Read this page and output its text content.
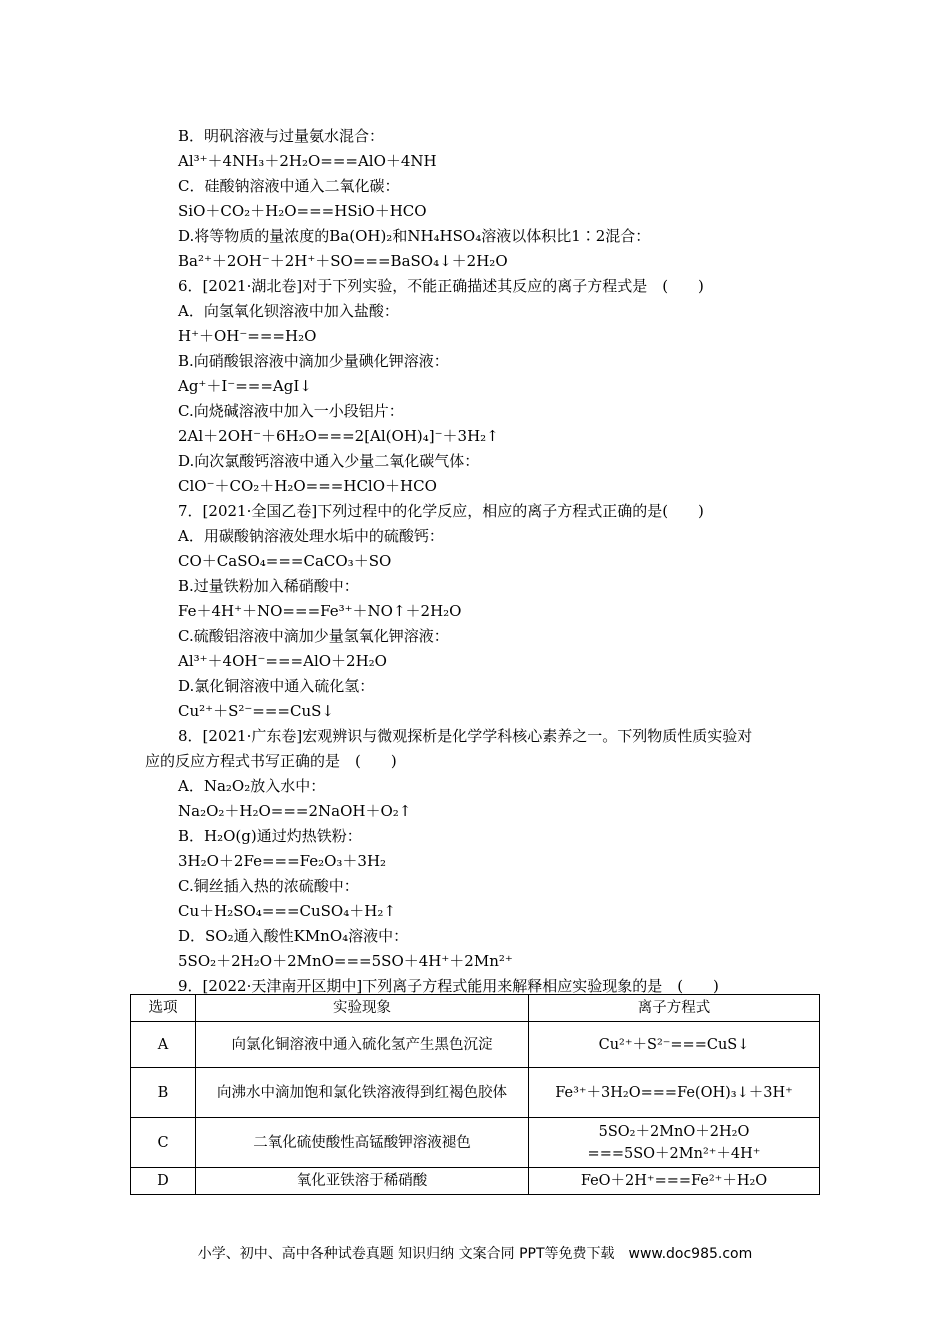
B．明矾溶液与过量氨水混合：
Al³⁺＋4NH₃＋2H₂O===AlO＋4NH
C．硅酸钠溶液中通入二氧化碳：
SiO＋CO₂＋H₂O===HSiO＋HCO
D.将等物质的量浓度的Ba(OH)₂和NH₄HSO₄溶液以体积比1∶2混合：
Ba²⁺＋2OH⁻＋2H⁺＋SO===BaSO₄↓＋2H₂O
6．[2021·湖北卷]对于下列实验，不能正确描述其反应的离子方程式是　(　　)
A．向氢氧化钡溶液中加入盐酸：
H⁺＋OH⁻===H₂O
B.向硝酸银溶液中滴加少量碘化钾溶液：
Ag⁺＋I⁻===AgI↓
C.向烧碱溶液中加入一小段铝片：
2Al＋2OH⁻＋6H₂O===2[Al(OH)₄]⁻＋3H₂↑
D.向次氯酸钙溶液中通入少量二氧化碳气体：
ClO⁻＋CO₂＋H₂O===HClO＋HCO
7．[2021·全国乙卷]下列过程中的化学反应，相应的离子方程式正确的是(　　)
A．用碳酸钠溶液处理水垢中的硫酸钙：
CO＋CaSO₄===CaCO₃＋SO
B.过量铁粉加入稀硝酸中：
Fe＋4H⁺＋NO===Fe³⁺＋NO↑＋2H₂O
C.硫酸铝溶液中滴加少量氢氧化钾溶液：
Al³⁺＋4OH⁻===AlO＋2H₂O
D.氯化铜溶液中通入硫化氢：
Cu²⁺＋S²⁻===CuS↓
8．[2021·广东卷]宏观辨识与微观探析是化学学科核心素养之一。下列物质性质实验对
应的反应方程式书写正确的是　(　　)
A．Na₂O₂放入水中：
Na₂O₂＋H₂O===2NaOH＋O₂↑
B．H₂O(g)通过灼热铁粉：
3H₂O＋2Fe===Fe₂O₃＋3H₂
C.铜丝插入热的浓硫酸中：
Cu＋H₂SO₄===CuSO₄＋H₂↑
D．SO₂通入酸性KMnO₄溶液中：
5SO₂＋2H₂O＋2MnO===5SO＋4H⁺＋2Mn²⁺
9．[2022·天津南开区期中]下列离子方程式能用来解释相应实验现象的是　(　　)
选项	实验现象	离子方程式
A	向氯化铜溶液中通入硫化氢产生黑色沉淀	Cu²⁺＋S²⁻===CuS↓
B	向沸水中滴加饱和氯化铁溶液得到红褐色胶体	Fe³⁺＋3H₂O===Fe(OH)₃↓＋3H⁺
C	二氧化硫使酸性高锰酸钾溶液褪色	5SO₂＋2MnO＋2H₂O
===5SO＋2Mn²⁺＋4H⁺
D	氧化亚铁溶于稀硝酸	FeO＋2H⁺===Fe²⁺＋H₂O
小学、初中、高中各种试卷真题 知识归纳 文案合同 PPT等免费下载 www.doc985.com
